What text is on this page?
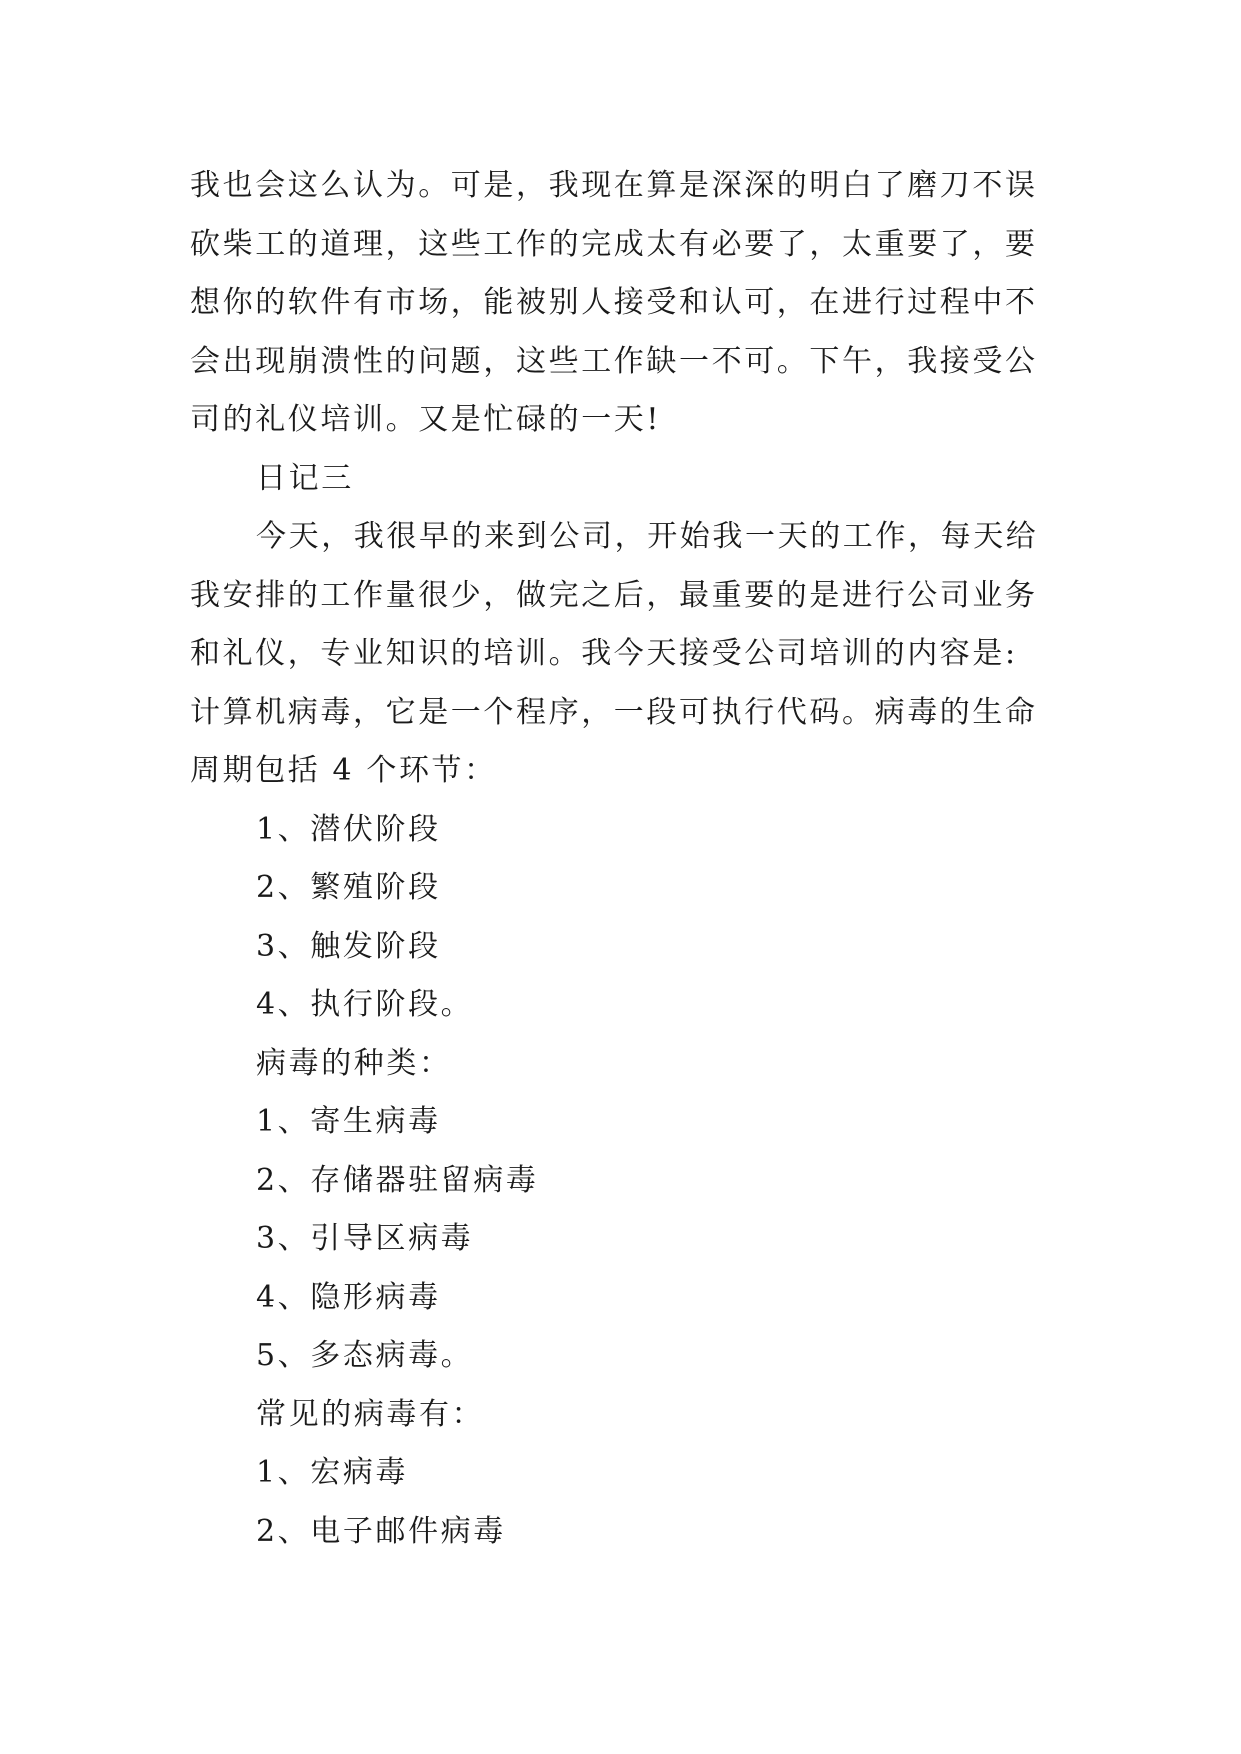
我也会这么认为。可是，我现在算是深深的明白了磨刀不误
砍柴工的道理，这些工作的完成太有必要了，太重要了，要
想你的软件有市场，能被别人接受和认可，在进行过程中不
会出现崩溃性的问题，这些工作缺一不可。下午，我接受公
司的礼仪培训。又是忙碌的一天!
日记三
今天，我很早的来到公司，开始我一天的工作，每天给
我安排的工作量很少，做完之后，最重要的是进行公司业务
和礼仪，专业知识的培训。我今天接受公司培训的内容是:
计算机病毒，它是一个程序，一段可执行代码。病毒的生命
周期包括 4 个环节：
1、潜伏阶段
2、繁殖阶段
3、触发阶段
4、执行阶段。
病毒的种类：
1、寄生病毒
2、存储器驻留病毒
3、引导区病毒
4、隐形病毒
5、多态病毒。
常见的病毒有：
1、宏病毒
2、电子邮件病毒
